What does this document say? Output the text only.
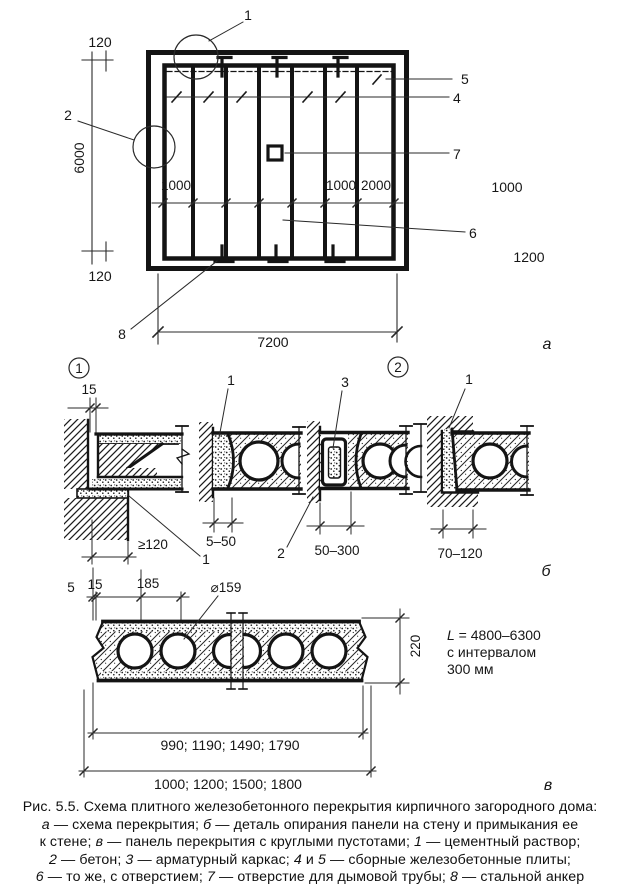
1000	1000 2000
120
120
6000
7200
1
2
5
4
7
6
8
1	2
1000
1200
а
15
≥120
1
5–50
1
50–300
3
2	70–120
1
б
5 15	185	⌀159
220 L = 4800–6300
с интервалом
300 мм
990; 1190; 1490; 1790
1000; 1200; 1500; 1800	в
Рис. 5.5. Схема плитного железобетонного перекрытия кирпичного загородного дома:
а — схема перекрытия; б — деталь опирания панели на стену и примыкания ее
к стене; в — панель перекрытия с круглыми пустотами; 1 — цементный раствор;
2 — бетон; 3 — арматурный каркас; 4 и 5 — сборные железобетонные плиты;
6 — то же, с отверстием; 7 — отверстие для дымовой трубы; 8 — стальной анкер
